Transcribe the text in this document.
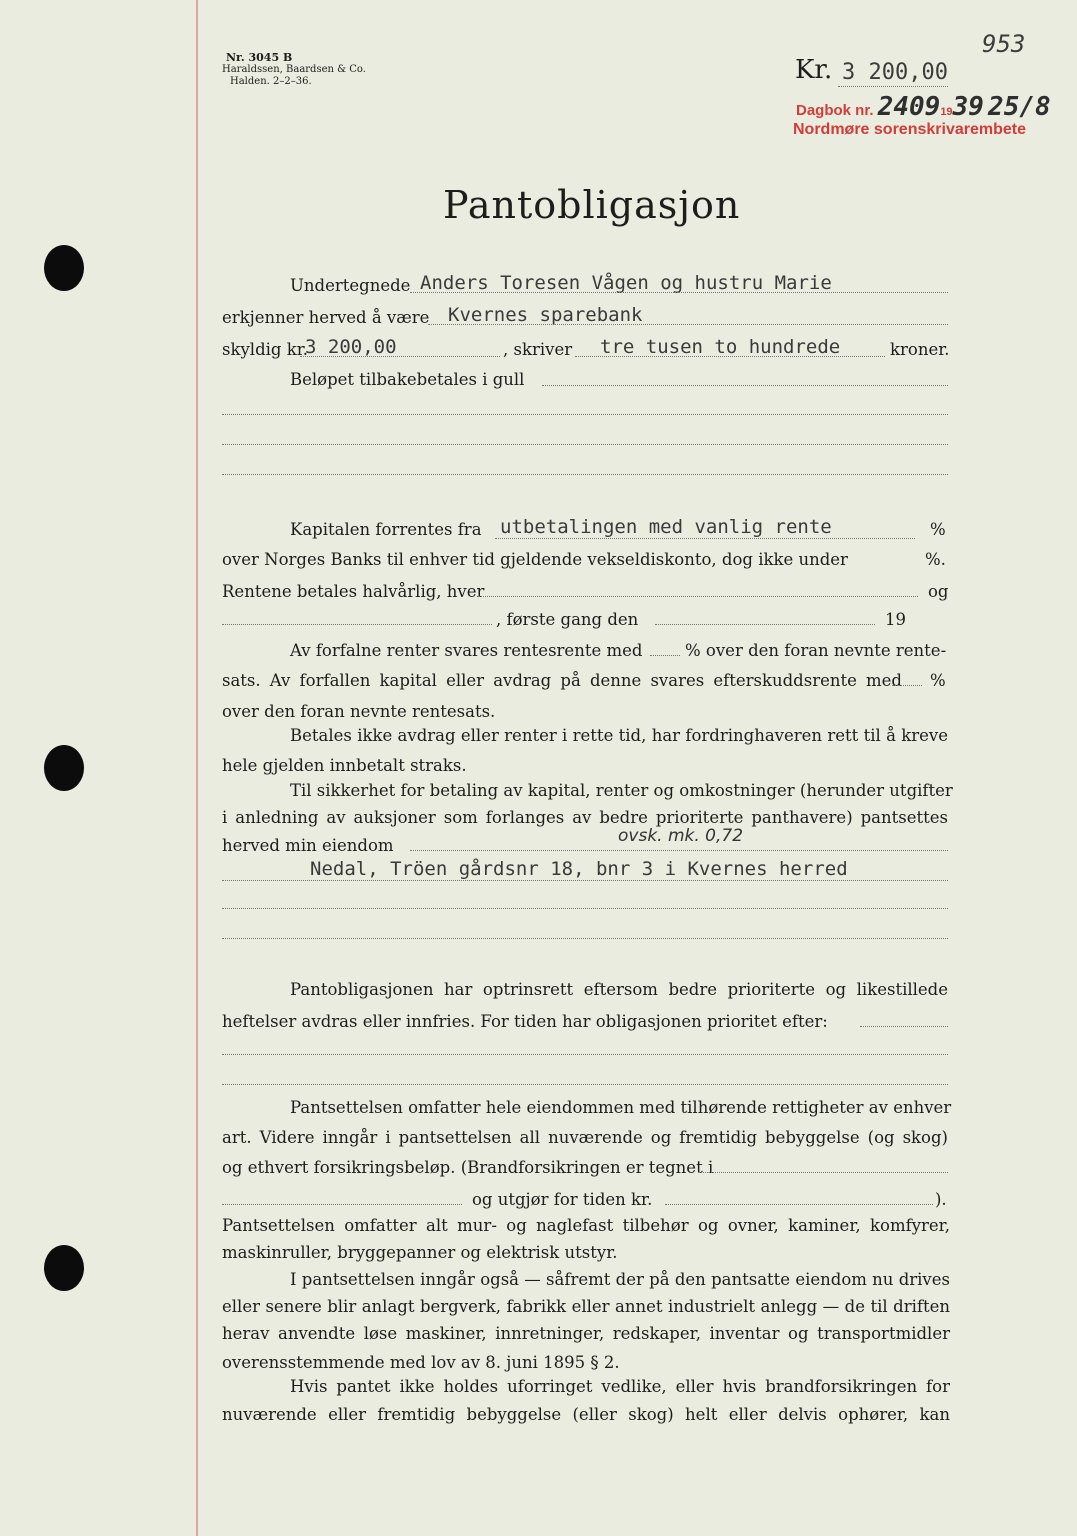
953
Nr. 3045 B
Haraldssen, Baardsen & Co.
Halden. 2–2–36.	Kr. 3 200,00
Dagbok nr. 24091939 25/8
Nordmøre sorenskrivarembete
Pantobligasjon
Undertegnede Anders Toresen Vågen og hustru Marie
erkjenner herved å være Kvernes sparebank
skyldig kr.
3 200,00	, skriver tre tusen to hundrede	kroner.
Beløpet tilbakebetales i gull
Kapitalen forrentes fra utbetalingen med vanlig rente	%
over Norges Banks til enhver tid gjeldende vekseldiskonto, dog ikke under	%.
Rentene betales halvårlig, hver	og
, første gang den	19
Av forfalne renter svares rentesrente med	% over den foran nevnte rente-
sats. Av forfallen kapital eller avdrag på denne svares efterskuddsrente med %
over den foran nevnte rentesats.
Betales ikke avdrag eller renter i rette tid, har fordringhaveren rett til å kreve
hele gjelden innbetalt straks.
Til sikkerhet for betaling av kapital, renter og omkostninger (herunder utgifter
i anledning av auksjoner som forlanges av bedre prioriterte panthavere) pantsettes
herved min eiendom	ovsk. mk. 0,72
Nedal, Tröen gårdsnr 18, bnr 3 i Kvernes herred
Pantobligasjonen har optrinsrett eftersom bedre prioriterte og likestillede
heftelser avdras eller innfries. For tiden har obligasjonen prioritet efter:
Pantsettelsen omfatter hele eiendommen med tilhørende rettigheter av enhver
art. Videre inngår i pantsettelsen all nuværende og fremtidig bebyggelse (og skog)
og ethvert forsikringsbeløp. (Brandforsikringen er tegnet i
og utgjør for tiden kr.	).
Pantsettelsen omfatter alt mur- og naglefast tilbehør og ovner, kaminer, komfyrer,
maskinruller, bryggepanner og elektrisk utstyr.
I pantsettelsen inngår også — såfremt der på den pantsatte eiendom nu drives
eller senere blir anlagt bergverk, fabrikk eller annet industrielt anlegg — de til driften
herav anvendte løse maskiner, innretninger, redskaper, inventar og transportmidler
overensstemmende med lov av 8. juni 1895 § 2.
Hvis pantet ikke holdes uforringet vedlike, eller hvis brandforsikringen for
nuværende eller fremtidig bebyggelse (eller skog) helt eller delvis ophører, kan
